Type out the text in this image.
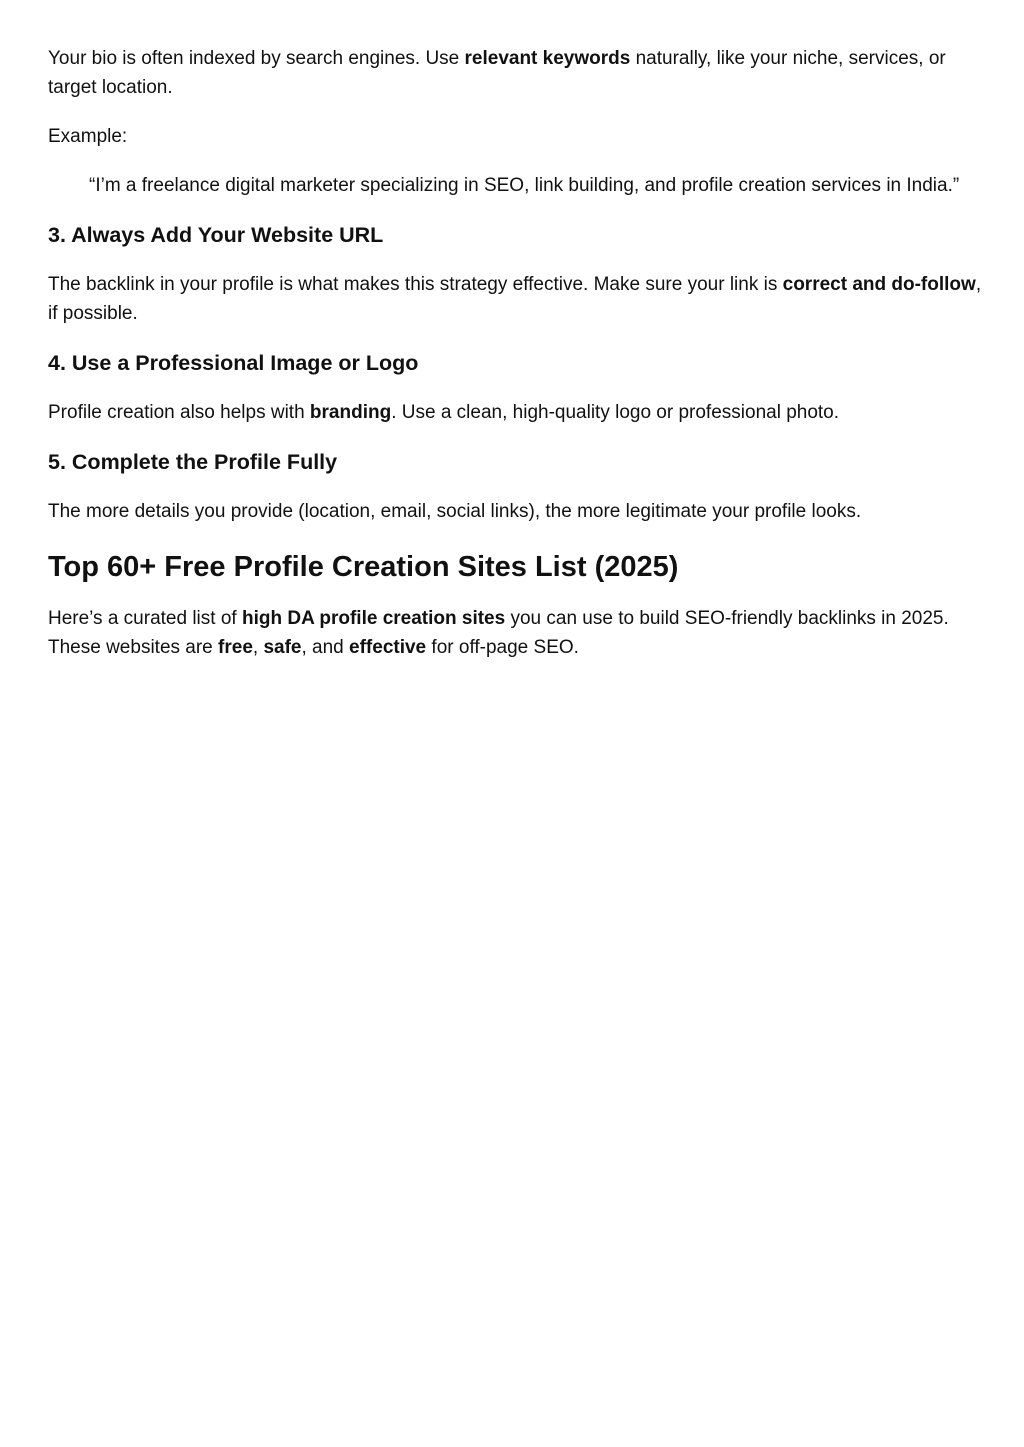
Your bio is often indexed by search engines. Use relevant keywords naturally, like your niche, services, or target location.

Example:

“I’m a freelance digital marketer specializing in SEO, link building, and profile creation services in India.”
3. Always Add Your Website URL

The backlink in your profile is what makes this strategy effective. Make sure your link is correct and do-follow, if possible.

4. Use a Professional Image or Logo

Profile creation also helps with branding. Use a clean, high-quality logo or professional photo.

5. Complete the Profile Fully

The more details you provide (location, email, social links), the more legitimate your profile looks.

Top 60+ Free Profile Creation Sites List (2025)

Here’s a curated list of high DA profile creation sites you can use to build SEO-friendly backlinks in 2025. These websites are free, safe, and effective for off-page SEO.
